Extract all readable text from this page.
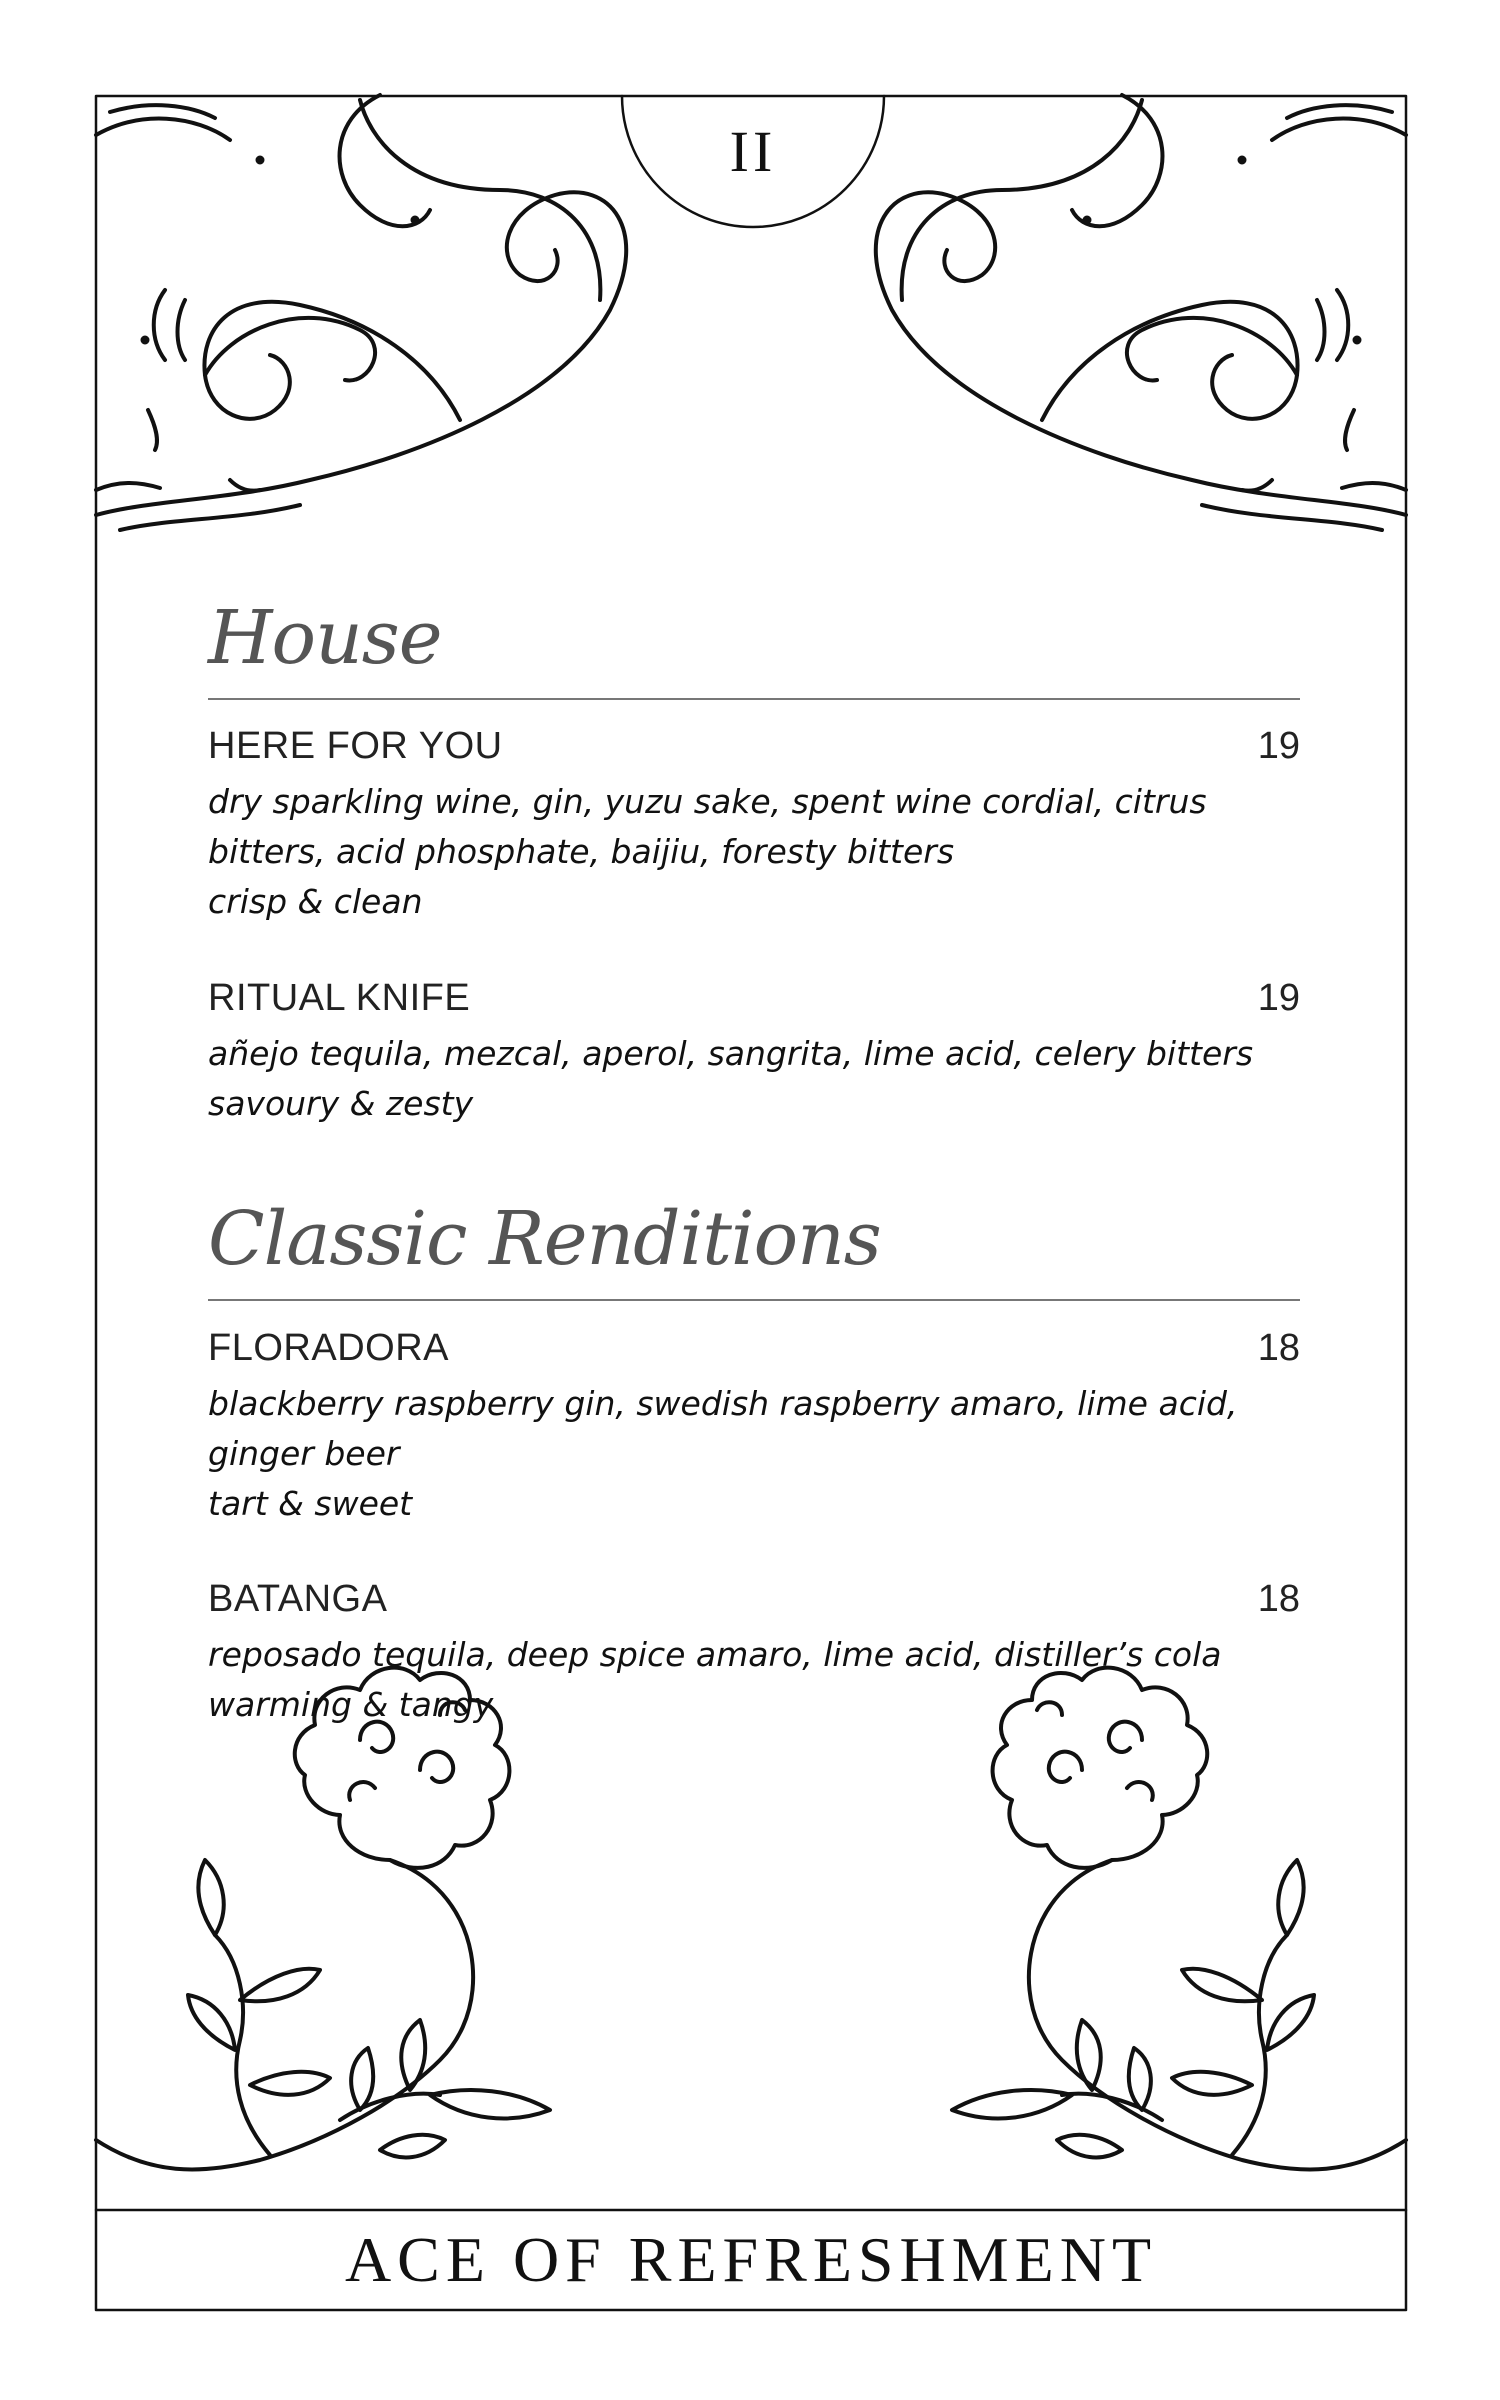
II
House
HERE FOR YOU	19
dry sparkling wine, gin, yuzu sake, spent wine cordial, citrus bitters, acid phosphate, baijiu, foresty bitters
crisp & clean
RITUAL KNIFE	19
añejo tequila, mezcal, aperol, sangrita, lime acid, celery bitters
savoury & zesty
Classic Renditions
FLORADORA	18
blackberry raspberry gin, swedish raspberry amaro, lime acid, ginger beer
tart & sweet
BATANGA	18
reposado tequila, deep spice amaro, lime acid, distiller’s cola
warming & tangy
ACE OF REFRESHMENT
